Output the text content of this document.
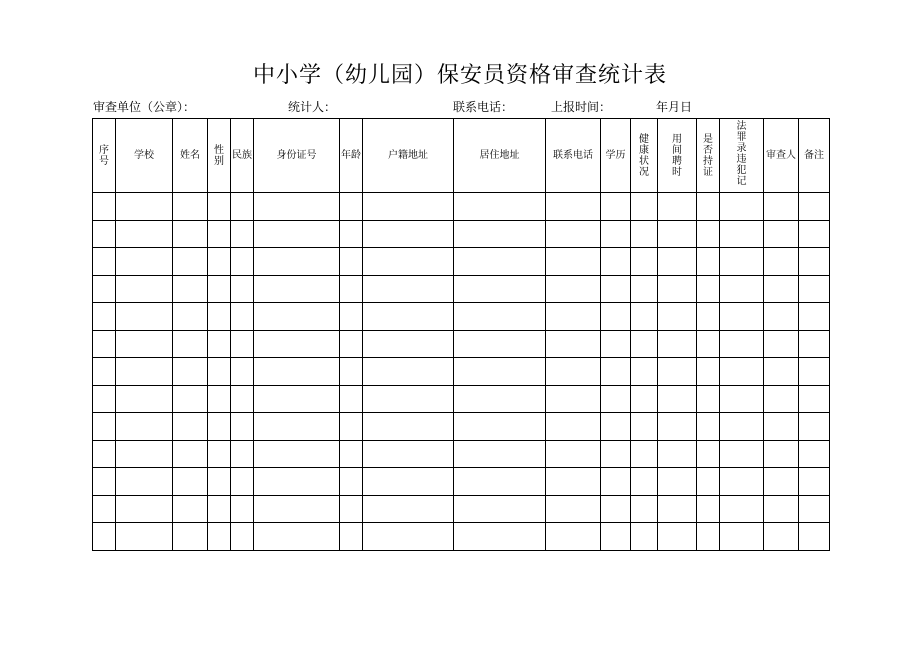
中小学（幼儿园）保安员资格审查统计表
审查单位（公章）：	统计人：	联系电话：	上报时间：	年月日
序号	学校	姓名	性别	民族	身份证号	年龄	户籍地址	居住地址	联系电话	学历	健康状况	用间聘时	是否持证	法罪录违犯记	审查人	备注
